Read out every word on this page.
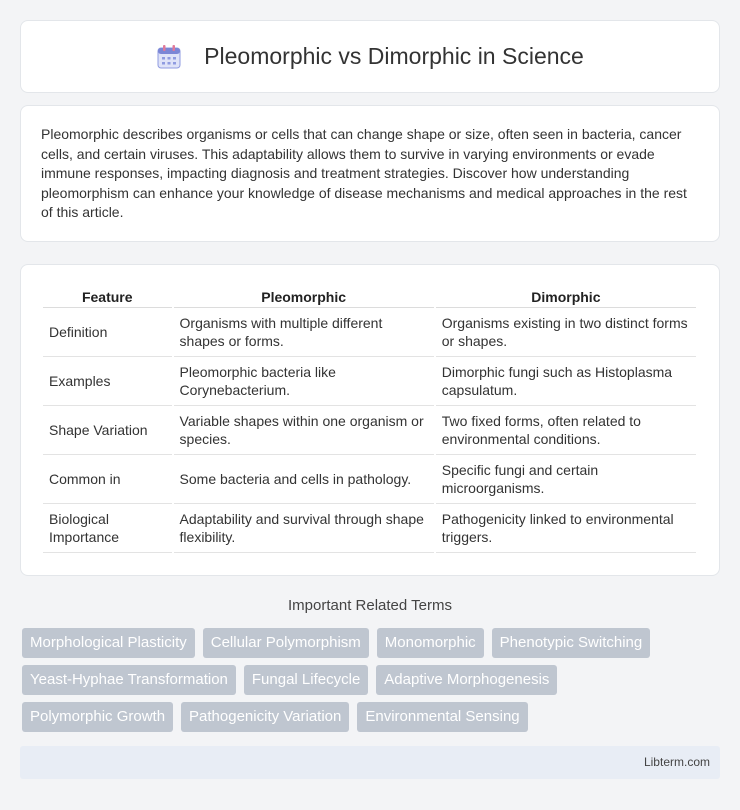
Pleomorphic vs Dimorphic in Science

Pleomorphic describes organisms or cells that can change shape or size, often seen in bacteria, cancer cells, and certain viruses. This adaptability allows them to survive in varying environments or evade immune responses, impacting diagnosis and treatment strategies. Discover how understanding pleomorphism can enhance your knowledge of disease mechanisms and medical approaches in the rest of this article.

Feature	Pleomorphic	Dimorphic
Definition	Organisms with multiple different shapes or forms.	Organisms existing in two distinct forms or shapes.
Examples	Pleomorphic bacteria like Corynebacterium.	Dimorphic fungi such as Histoplasma capsulatum.
Shape Variation	Variable shapes within one organism or species.	Two fixed forms, often related to environmental conditions.
Common in	Some bacteria and cells in pathology.	Specific fungi and certain microorganisms.
Biological Importance	Adaptability and survival through shape flexibility.	Pathogenicity linked to environmental triggers.
Important Related Terms
Morphological Plasticity	Cellular Polymorphism	Monomorphic	Phenotypic Switching
Yeast-Hyphae Transformation	Fungal Lifecycle	Adaptive Morphogenesis
Polymorphic Growth	Pathogenicity Variation	Environmental Sensing
Libterm.com
